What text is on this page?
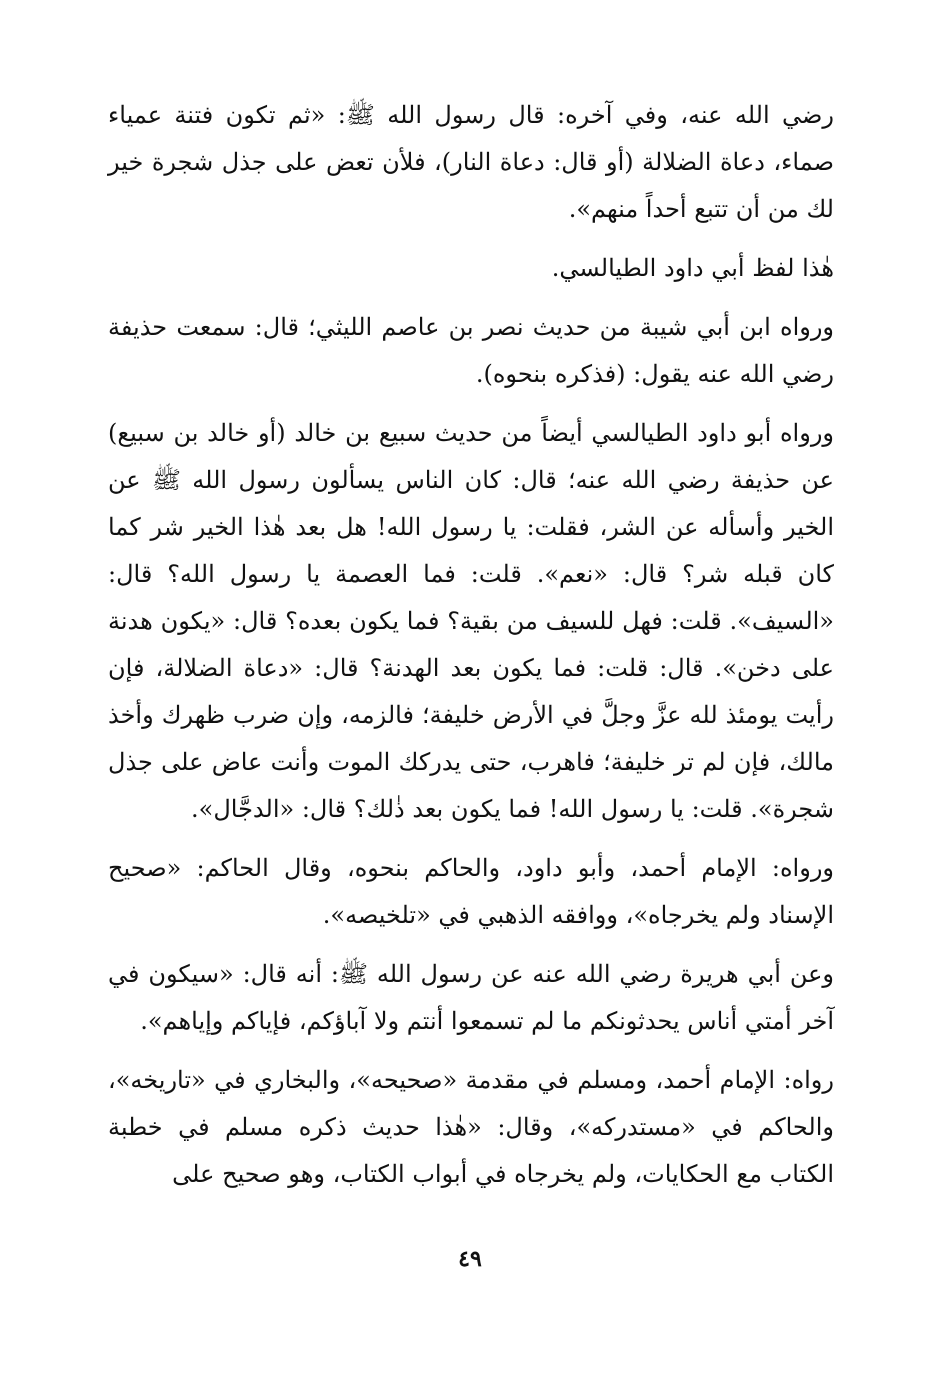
رضي الله عنه، وفي آخره: قال رسول الله ﷺ: «ثم تكون فتنة عمياء صماء، دعاة الضلالة (أو قال: دعاة النار)، فلأن تعض على جذل شجرة خير لك من أن تتبع أحداً منهم».

هٰذا لفظ أبي داود الطيالسي.

ورواه ابن أبي شيبة من حديث نصر بن عاصم الليثي؛ قال: سمعت حذيفة رضي الله عنه يقول: (فذكره بنحوه).

ورواه أبو داود الطيالسي أيضاً من حديث سبيع بن خالد (أو خالد بن سبيع) عن حذيفة رضي الله عنه؛ قال: كان الناس يسألون رسول الله ﷺ عن الخير وأسأله عن الشر، فقلت: يا رسول الله! هل بعد هٰذا الخير شر كما كان قبله شر؟ قال: «نعم». قلت: فما العصمة يا رسول الله؟ قال: «السيف». قلت: فهل للسيف من بقية؟ فما يكون بعده؟ قال: «يكون هدنة على دخن». قال: قلت: فما يكون بعد الهدنة؟ قال: «دعاة الضلالة، فإن رأيت يومئذ لله عزَّ وجلَّ في الأرض خليفة؛ فالزمه، وإن ضرب ظهرك وأخذ مالك، فإن لم تر خليفة؛ فاهرب، حتى يدركك الموت وأنت عاض على جذل شجرة». قلت: يا رسول الله! فما يكون بعد ذٰلك؟ قال: «الدجَّال».

ورواه: الإمام أحمد، وأبو داود، والحاكم بنحوه، وقال الحاكم: «صحيح الإسناد ولم يخرجاه»، ووافقه الذهبي في «تلخيصه».

وعن أبي هريرة رضي الله عنه عن رسول الله ﷺ: أنه قال: «سيكون في آخر أمتي أناس يحدثونكم ما لم تسمعوا أنتم ولا آباؤكم، فإياكم وإياهم».

رواه: الإمام أحمد، ومسلم في مقدمة «صحيحه»، والبخاري في «تاريخه»، والحاكم في «مستدركه»، وقال: «هٰذا حديث ذكره مسلم في خطبة الكتاب مع الحكايات، ولم يخرجاه في أبواب الكتاب، وهو صحيح على

٤٩
